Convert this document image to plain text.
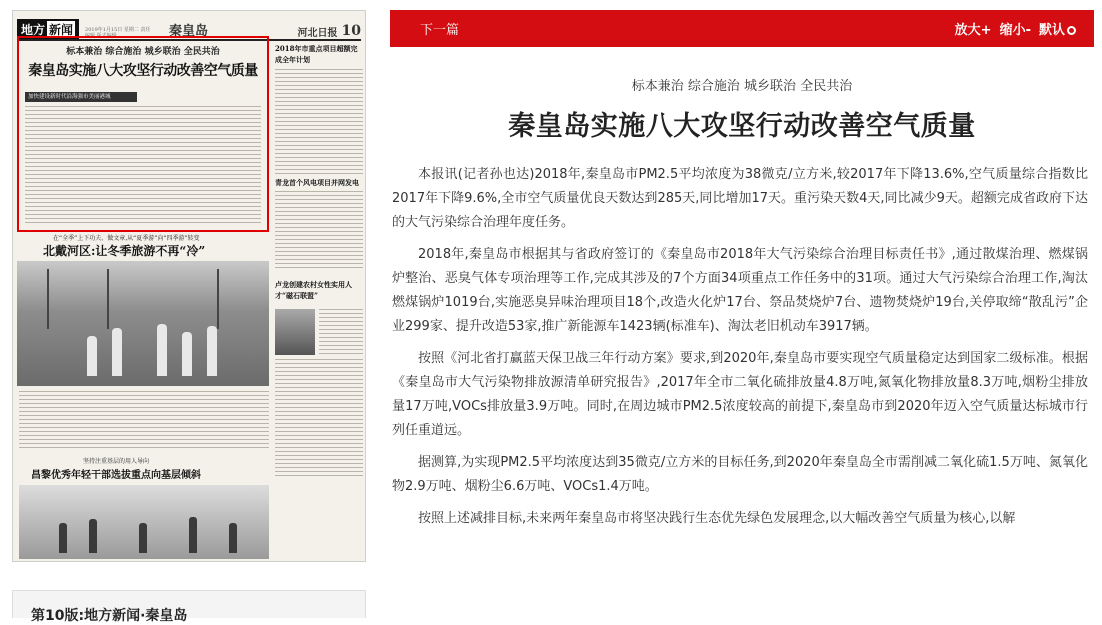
地方 新闻	2019年1月15日 星期二 责任编辑 版式编辑	秦皇岛	河北日报 10
标本兼治 综合施治 城乡联治 全民共治
秦皇岛实施八大攻坚行动改善空气质量
加快建设新时代沿海强市美丽港城
2018年市重点项目超额完成全年计划
青龙首个风电项目并网发电
在“全季”上下功夫、做文章,从“夏季游”向“四季游”转变
北戴河区:让冬季旅游不再“冷”
卢龙创建农村女性实用人才“磁石联盟”
坚持注重基层的用人导向
昌黎优秀年轻干部选拔重点向基层倾斜
第10版:地方新闻·秦皇岛
下一篇	放大+ 缩小- 默认
标本兼治 综合施治 城乡联治 全民共治
秦皇岛实施八大攻坚行动改善空气质量

本报讯(记者孙也达)2018年,秦皇岛市PM2.5平均浓度为38微克/立方米,较2017年下降13.6%,空气质量综合指数比2017年下降9.6%,全市空气质量优良天数达到285天,同比增加17天。重污染天数4天,同比减少9天。超额完成省政府下达的大气污染综合治理年度任务。

2018年,秦皇岛市根据其与省政府签订的《秦皇岛市2018年大气污染综合治理目标责任书》,通过散煤治理、燃煤锅炉整治、恶臭气体专项治理等工作,完成其涉及的7个方面34项重点工作任务中的31项。通过大气污染综合治理工作,淘汰燃煤锅炉1019台,实施恶臭异味治理项目18个,改造火化炉17台、祭品焚烧炉7台、遗物焚烧炉19台,关停取缔“散乱污”企业299家、提升改造53家,推广新能源车1423辆(标准车)、淘汰老旧机动车3917辆。

按照《河北省打赢蓝天保卫战三年行动方案》要求,到2020年,秦皇岛市要实现空气质量稳定达到国家二级标准。根据《秦皇岛市大气污染物排放源清单研究报告》,2017年全市二氧化硫排放量4.8万吨,氮氧化物排放量8.3万吨,烟粉尘排放量17万吨,VOCs排放量3.9万吨。同时,在周边城市PM2.5浓度较高的前提下,秦皇岛市到2020年迈入空气质量达标城市行列任重道远。

据测算,为实现PM2.5平均浓度达到35微克/立方米的目标任务,到2020年秦皇岛全市需削减二氧化硫1.5万吨、氮氧化物2.9万吨、烟粉尘6.6万吨、VOCs1.4万吨。

按照上述减排目标,未来两年秦皇岛市将坚决践行生态优先绿色发展理念,以大幅改善空气质量为核心,以解
